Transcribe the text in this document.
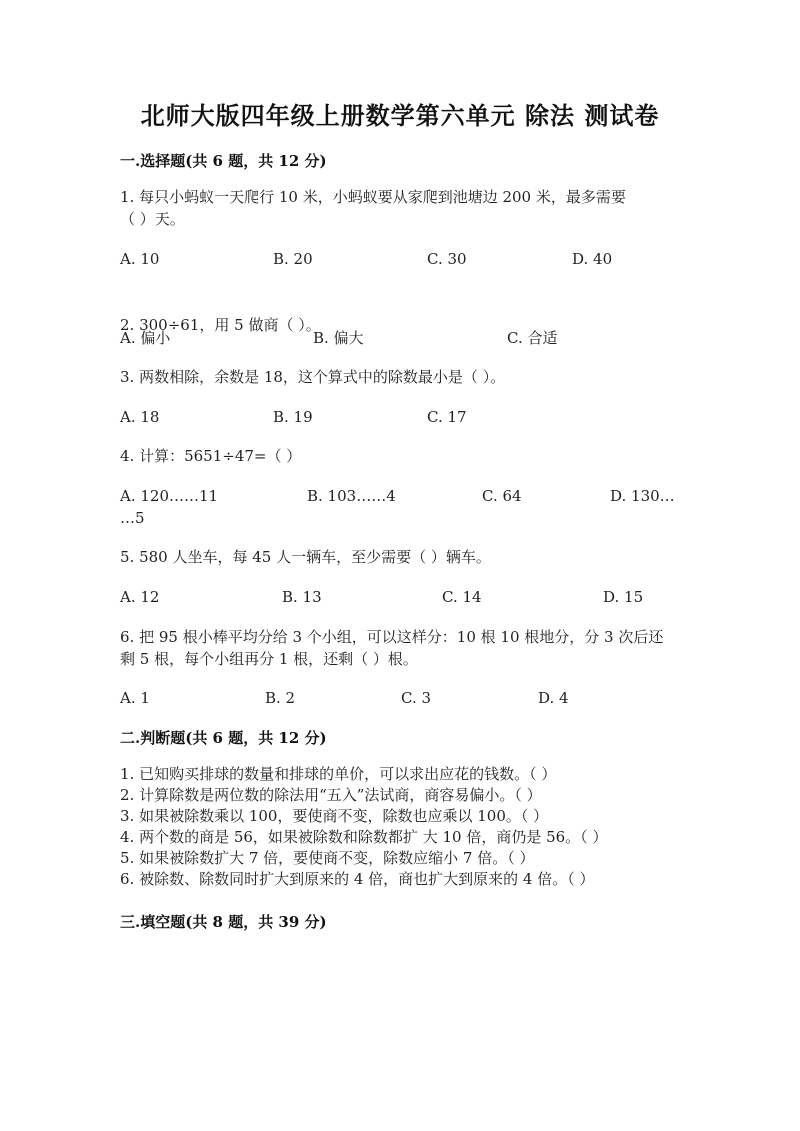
北师大版四年级上册数学第六单元 除法 测试卷
一.选择题(共 6 题，共 12 分)
1. 每只小蚂蚁一天爬行 10 米，小蚂蚁要从家爬到池塘边 200 米，最多需要
（ ）天。
A. 10	B. 20	C. 30	D. 40
2. 300÷61，用 5 做商（ ）。
A. 偏小	B. 偏大	C. 合适
3. 两数相除，余数是 18，这个算式中的除数最小是（ ）。
A. 18	B. 19	C. 17
4. 计算：5651÷47=（ ）
A. 120……11	B. 103……4	C. 64	D. 130…
…5
5. 580 人坐车，每 45 人一辆车，至少需要（ ）辆车。
A. 12	B. 13	C. 14	D. 15
6. 把 95 根小棒平均分给 3 个小组，可以这样分：10 根 10 根地分，分 3 次后还
剩 5 根，每个小组再分 1 根，还剩（ ）根。
A. 1	B. 2	C. 3	D. 4
二.判断题(共 6 题，共 12 分)
1. 已知购买排球的数量和排球的单价，可以求出应花的钱数。（ ）
2. 计算除数是两位数的除法用“五入”法试商，商容易偏小。（ ）
3. 如果被除数乘以 100，要使商不变，除数也应乘以 100。（ ）
4. 两个数的商是 56，如果被除数和除数都扩 大 10 倍，商仍是 56。（ ）
5. 如果被除数扩大 7 倍，要使商不变，除数应缩小 7 倍。（ ）
6. 被除数、除数同时扩大到原来的 4 倍，商也扩大到原来的 4 倍。（ ）
三.填空题(共 8 题，共 39 分)
